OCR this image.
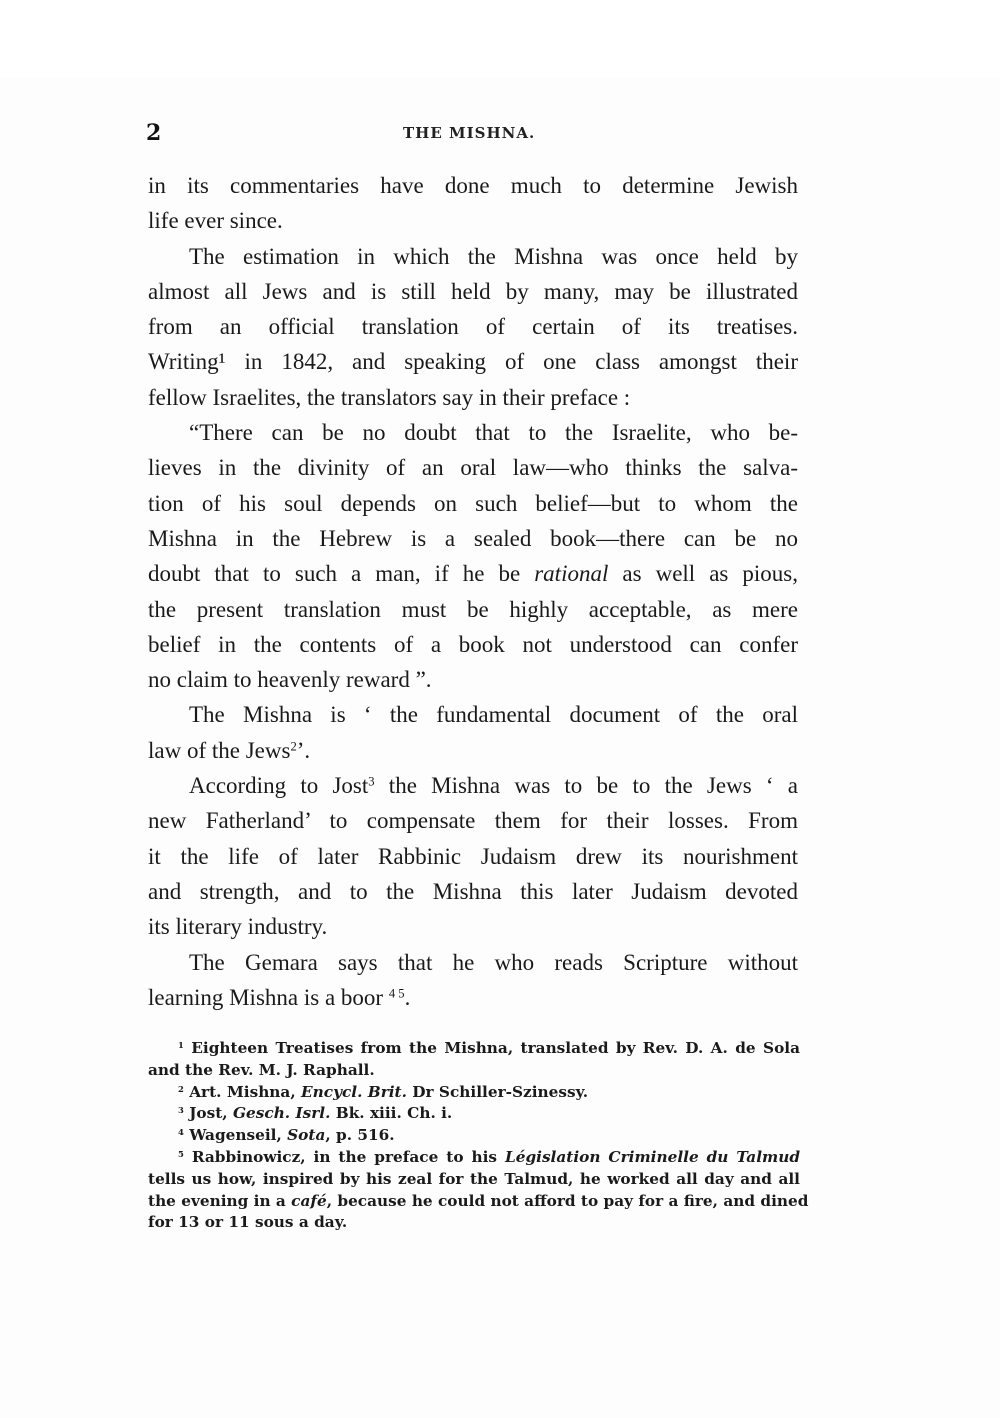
2	THE MISHNA.

in its commentaries have done much to determine Jewish
life ever since.

The estimation in which the Mishna was once held by
almost all Jews and is still held by many, may be illustrated
from an official translation of certain of its treatises.
Writing¹ in 1842, and speaking of one class amongst their
fellow Israelites, the translators say in their preface :

“There can be no doubt that to the Israelite, who be-
lieves in the divinity of an oral law—who thinks the salva-
tion of his soul depends on such belief—but to whom the
Mishna in the Hebrew is a sealed book—there can be no
doubt that to such a man, if he be rational as well as pious,
the present translation must be highly acceptable, as mere
belief in the contents of a book not understood can confer
no claim to heavenly reward ”.

The Mishna is ‘ the fundamental document of the oral
law of the Jews$^2$’.

According to Jost$^3$ the Mishna was to be to the Jews ‘ a
new Fatherland’ to compensate them for their losses. From
it the life of later Rabbinic Judaism drew its nourishment
and strength, and to the Mishna this later Judaism devoted
its literary industry.

The Gemara says that he who reads Scripture without
learning Mishna is a boor $^{4 5}$.

$^1$ Eighteen Treatises from the Mishna, translated by Rev. D. A. de Sola
and the Rev. M. J. Raphall.
$^2$ Art. Mishna, Encycl. Brit. Dr Schiller-Szinessy.
$^3$ Jost, Gesch. Isrl. Bk. xiii. Ch. i.
$^4$ Wagenseil, Sota, p. 516.
$^5$ Rabbinowicz, in the preface to his Législation Criminelle du Talmud
tells us how, inspired by his zeal for the Talmud, he worked all day and all
the evening in a café, because he could not afford to pay for a fire, and dined
for 13 or 11 sous a day.
